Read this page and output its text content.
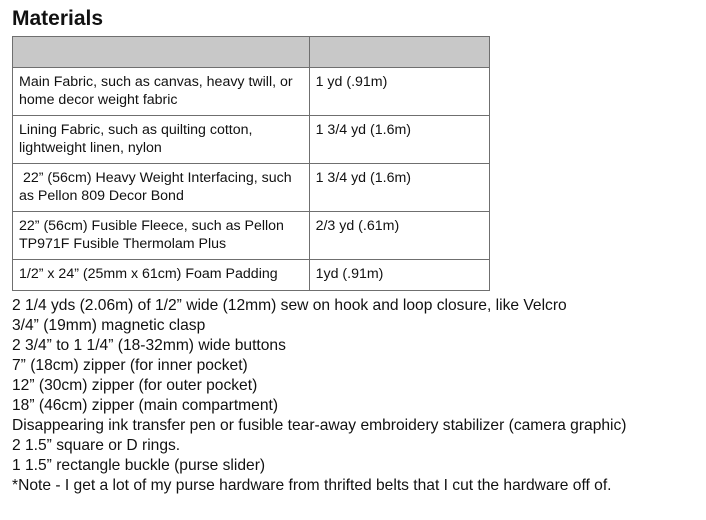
Materials

Main Fabric, such as canvas, heavy twill, or home decor weight fabric	1 yd (.91m)
Lining Fabric, such as quilting cotton, lightweight linen, nylon	1 3/4 yd (1.6m)
22” (56cm) Heavy Weight Interfacing, such as Pellon 809 Decor Bond	1 3/4 yd (1.6m)
22” (56cm) Fusible Fleece, such as Pellon TP971F Fusible Thermolam Plus	2/3 yd (.61m)
1/2” x 24” (25mm x 61cm) Foam Padding	1yd (.91m)
2 1/4 yds (2.06m) of 1/2” wide (12mm) sew on hook and loop closure, like Velcro
3/4” (19mm) magnetic clasp
2 3/4” to 1 1/4” (18-32mm) wide buttons
7” (18cm) zipper (for inner pocket)
12” (30cm) zipper (for outer pocket)
18” (46cm) zipper (main compartment)
Disappearing ink transfer pen or fusible tear-away embroidery stabilizer (camera graphic)
2 1.5” square or D rings.
1 1.5” rectangle buckle (purse slider)
*Note - I get a lot of my purse hardware from thrifted belts that I cut the hardware off of.
